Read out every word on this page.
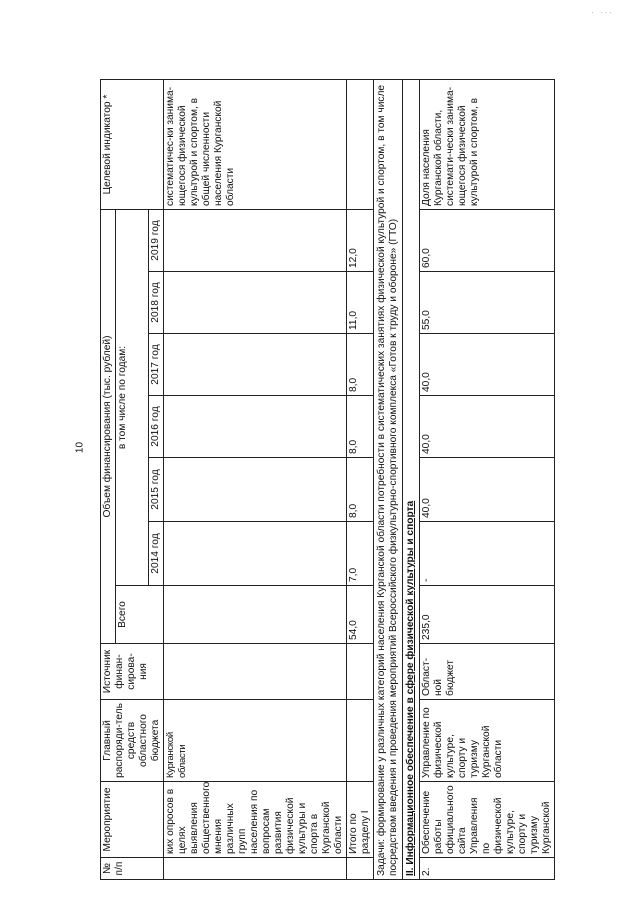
· ···
10
№ п/п	Мероприятие	Главный распоряди-тель средств областного бюджета	Источник финан-сирова-ния	Объем финансирования (тыс. рублей)							Целевой индикатор *
				Всего	в том числе по годам:						
					2014 год	2015 год	2016 год	2017 год	2018 год	2019 год	
	ких опросов в целях выявления общественного мнения различных групп населения по вопросам развития физической культуры и спорта в Курганской области	Курганской области									систематичес-ки занима-ющегося физической культурой и спортом, в общей численности населения Курганской области
	Итого по разделу I			54,0	7,0	8,0	8,0	8,0	11,0	12,0	
Задачи: формирование у различных категорий населения Курганской области потребности в систематических занятиях физической культурой и спортом, в том числе посредством введения и проведения мероприятий Всероссийского физкультурно-спортивного комплекса «Готов к труду и обороне» (ГТО)											
II. Информационное обеспечение в сфере физической культуры и спорта											
2.	Обеспечение работы официального сайта Управления по физической культуре, спорту и туризму Курганской	Управление по физической культуре, спорту и туризму Курганской области	Област-ной бюджет	235,0	-	40,0	40,0	40,0	55,0	60,0	Доля населения Курганской области, системати-чески занима-ющегося физической культурой и спортом, в
